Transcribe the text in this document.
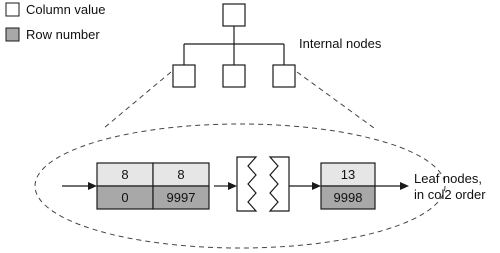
Column value
Row number
Internal nodes
8	8
0	9997
13
9998
Leaf nodes,
in col2 order
